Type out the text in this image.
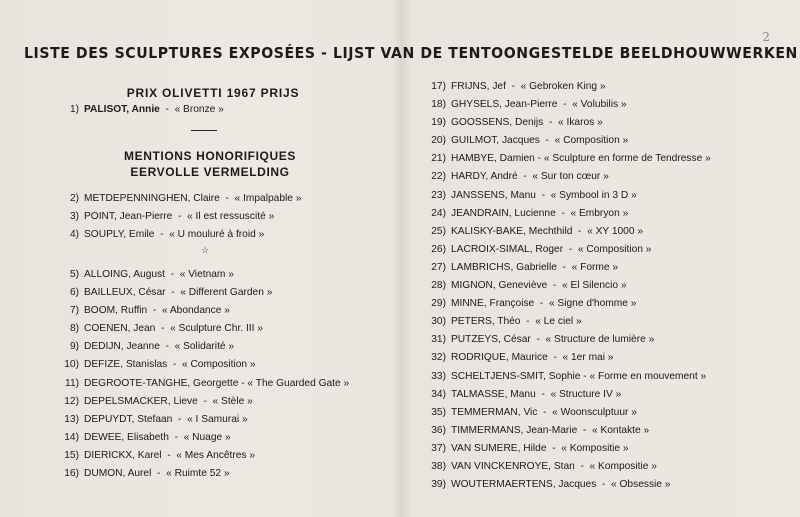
2
LISTE DES SCULPTURES EXPOSÉES - LIJST VAN DE TENTOONGESTELDE BEELDHOUWWERKEN
PRIX OLIVETTI 1967 PRIJS
1) PALISOT, Annie  -  « Bronze »
MENTIONS HONORIFIQUES
EERVOLLE VERMELDING
2) METDEPENNINGHEN, Claire  -  « Impalpable »
3) POINT, Jean-Pierre  -  « Il est ressuscité »
4) SOUPLY, Emile  -  « U mouluré à froid »
☆
5) ALLOING, August  -  « Vietnam »
6) BAILLEUX, César  -  « Different Garden »
7) BOOM, Ruffin  -  « Abondance »
8) COENEN, Jean  -  « Sculpture Chr. III »
9) DEDIJN, Jeanne  -  « Solidarité »
10) DEFIZE, Stanislas  -  « Composition »
11) DEGROOTE-TANGHE, Georgette - « The Guarded Gate »
12) DEPELSMACKER, Lieve  -  « Stèle »
13) DEPUYDT, Stefaan  -  « I Samurai »
14) DEWEE, Elisabeth  -  « Nuage »
15) DIERICKX, Karel  -  « Mes Ancêtres »
16) DUMON, Aurel  -  « Ruimte 52 »
17) FRIJNS, Jef  -  « Gebroken King »
18) GHYSELS, Jean-Pierre  -  « Volubilis »
19) GOOSSENS, Denijs  -  « Ikaros »
20) GUILMOT, Jacques  -  « Composition »
21) HAMBYE, Damien - « Sculpture en forme de Tendresse »
22) HARDY, André  -  « Sur ton cœur »
23) JANSSENS, Manu  -  « Symbool in 3 D »
24) JEANDRAIN, Lucienne  -  « Embryon »
25) KALISKY-BAKE, Mechthild  -  « XY 1000 »
26) LACROIX-SIMAL, Roger  -  « Composition »
27) LAMBRICHS, Gabrielle  -  « Forme »
28) MIGNON, Geneviève  -  « El Silencio »
29) MINNE, Françoise  -  « Signe d'homme »
30) PETERS, Théo  -  « Le ciel »
31) PUTZEYS, César  -  « Structure de lumière »
32) RODRIQUE, Maurice  -  « 1er mai »
33) SCHELTJENS-SMIT, Sophie - « Forme en mouvement »
34) TALMASSE, Manu  -  « Structure IV »
35) TEMMERMAN, Vic  -  « Woonsculptuur »
36) TIMMERMANS, Jean-Marie  -  « Kontakte »
37) VAN SUMERE, Hilde  -  « Kompositie »
38) VAN VINCKENROYE, Stan  -  « Kompositie »
39) WOUTERMAERTENS, Jacques  -  « Obsessie »
